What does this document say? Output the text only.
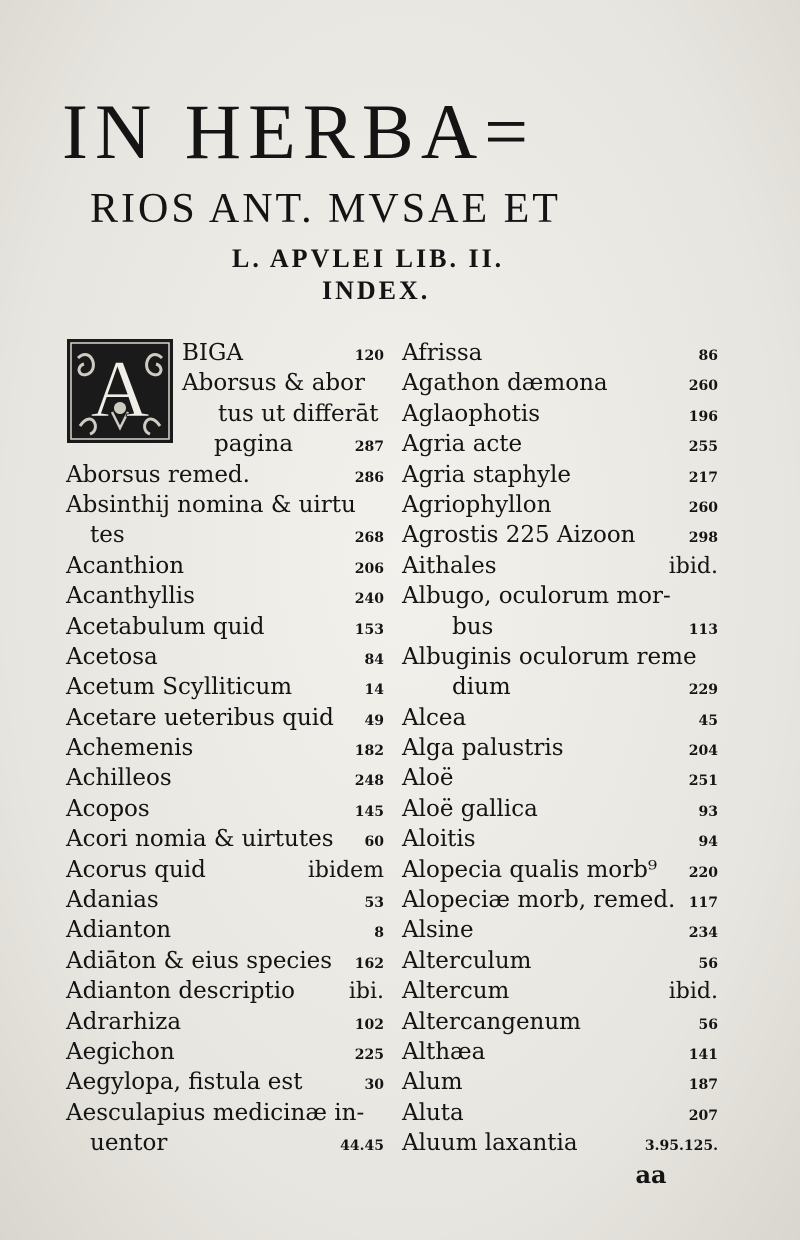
IN HERBA=
RIOS ANT. MVSAE ET
L. APVLEI LIB. II.
INDEX.
A BIGA	120
Aborsus & abor
tus ut differāt
pagina	287
Aborsus remed.	286
Absinthij nomina & uirtu
tes	268
Acanthion	206
Acanthyllis	240
Acetabulum quid	153
Acetosa	84
Acetum Scylliticum	14
Acetare ueteribus quid	49
Achemenis	182
Achilleos	248
Acopos	145
Acori nomia & uirtutes	60
Acorus quid	ibidem
Adanias	53
Adianton	8
Adiāton & eius species	162
Adianton descriptio ibi.
Adrarhiza	102
Aegichon	225
Aegylopa, fistula est	30
Aesculapius medicinæ in-
uentor	44.45
Afrissa	86
Agathon dæmona	260
Aglaophotis	196
Agria acte	255
Agria staphyle	217
Agriophyllon	260
Agrostis 225 Aizoon	298
Aithales	ibid.
Albugo, oculorum mor-
bus	113
Albuginis oculorum reme
dium	229
Alcea	45
Alga palustris	204
Aloë	251
Aloë gallica	93
Aloitis	94
Alopecia qualis morb⁹	220
Alopeciæ morb, remed. 117
Alsine	234
Alterculum	56
Altercum	ibid.
Altercangenum	56
Althæa	141
Alum	187
Aluta	207
Aluum laxantia	3.95.125.
aa
